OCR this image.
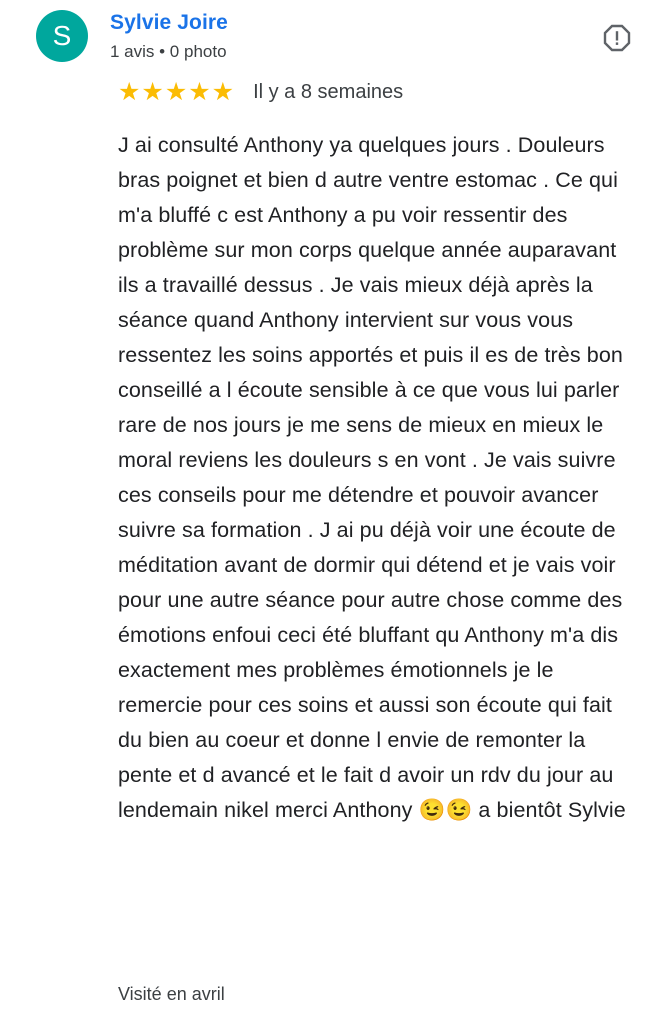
S	Sylvie Joire
1 avis • 0 photo
★★★★★ Il y a 8 semaines
J ai consulté Anthony ya quelques jours . Douleurs bras poignet et bien d autre ventre estomac . Ce qui m'a bluffé c est Anthony a pu voir ressentir des problème sur mon corps quelque année auparavant ils a travaillé dessus . Je vais mieux déjà après la séance quand Anthony intervient sur vous vous ressentez les soins apportés et puis il es de très bon conseillé a l écoute sensible à ce que vous lui parler rare de nos jours je me sens de mieux en mieux le moral reviens les douleurs s en vont . Je vais suivre ces conseils pour me détendre et pouvoir avancer suivre sa formation . J ai pu déjà voir une écoute de méditation avant de dormir qui détend et je vais voir pour une autre séance pour autre chose comme des émotions enfoui ceci été bluffant qu Anthony m'a dis exactement mes problèmes émotionnels je le remercie pour ces soins et aussi son écoute qui fait du bien au coeur et donne l envie de remonter la pente et d avancé et le fait d avoir un rdv du jour au lendemain nikel merci Anthony 😉😉 a bientôt Sylvie
Visité en avril
